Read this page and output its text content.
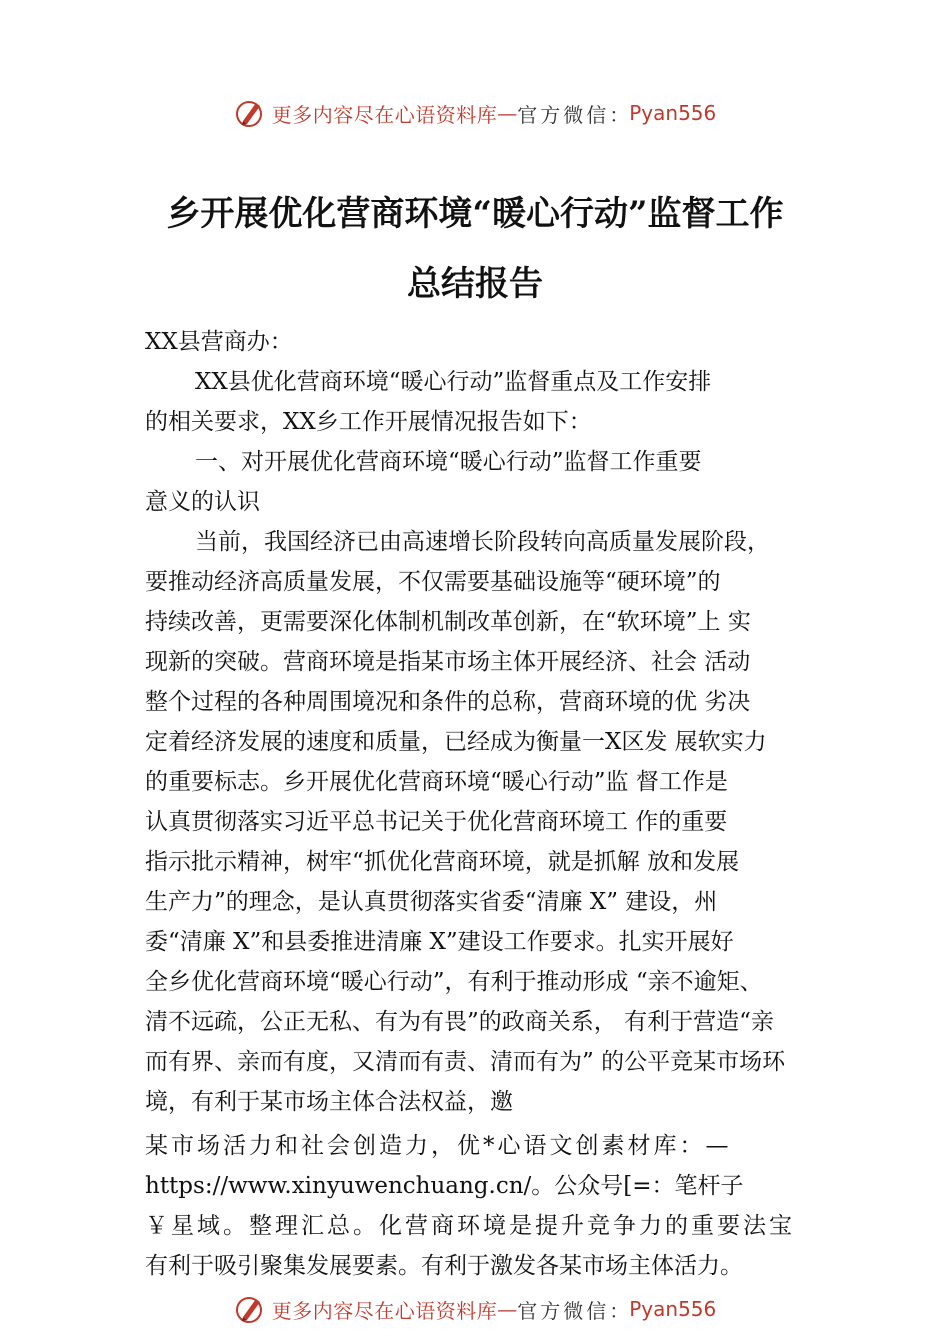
更多内容尽在心语资料库 — 官方微信 ： Pyan556
乡开展优化营商环境“暖心行动”监督工作
总结报告
XX县营商办：
XX县优化营商环境“暖心行动”监督重点及工作安排
的相关要求，XX乡工作开展情况报告如下：
一、对开展优化营商环境“暖心行动”监督工作重要
意义的认识
当前，我国经济已由高速增长阶段转向高质量发展阶段，
要推动经济高质量发展，不仅需要基础设施等“硬环境”的
持续改善，更需要深化体制机制改革创新，在“软环境”上 实
现新的突破。营商环境是指某市场主体开展经济、社会 活动
整个过程的各种周围境况和条件的总称，营商环境的优 劣决
定着经济发展的速度和质量，已经成为衡量一X区发 展软实力
的重要标志。乡开展优化营商环境“暖心行动”监 督工作是
认真贯彻落实习近平总书记关于优化营商环境工 作的重要
指示批示精神，树牢“抓优化营商环境，就是抓解 放和发展
生产力”的理念，是认真贯彻落实省委“清廉 X” 建设，州
委“清廉 X”和县委推进清廉 X”建设工作要求。扎实开展好
全乡优化营商环境“暖心行动”，有利于推动形成 “亲不逾矩、
清不远疏，公正无私、有为有畏”的政商关系， 有利于营造“亲
而有界、亲而有度，又清而有责、清而有为” 的公平竞某市场环
境，有利于某市场主体合法权益，邀
某市场活力和社会创造力，优*心语文创素材库：—
https://www.xinyuwenchuang.cn/。公众号[=：笔杆子
￥星域。整理汇总。化营商环境是提升竞争力的重要法宝
有利于吸引聚集发展要素。有利于激发各某市场主体活力。
更多内容尽在心语资料库 — 官方微信 ： Pyan556
